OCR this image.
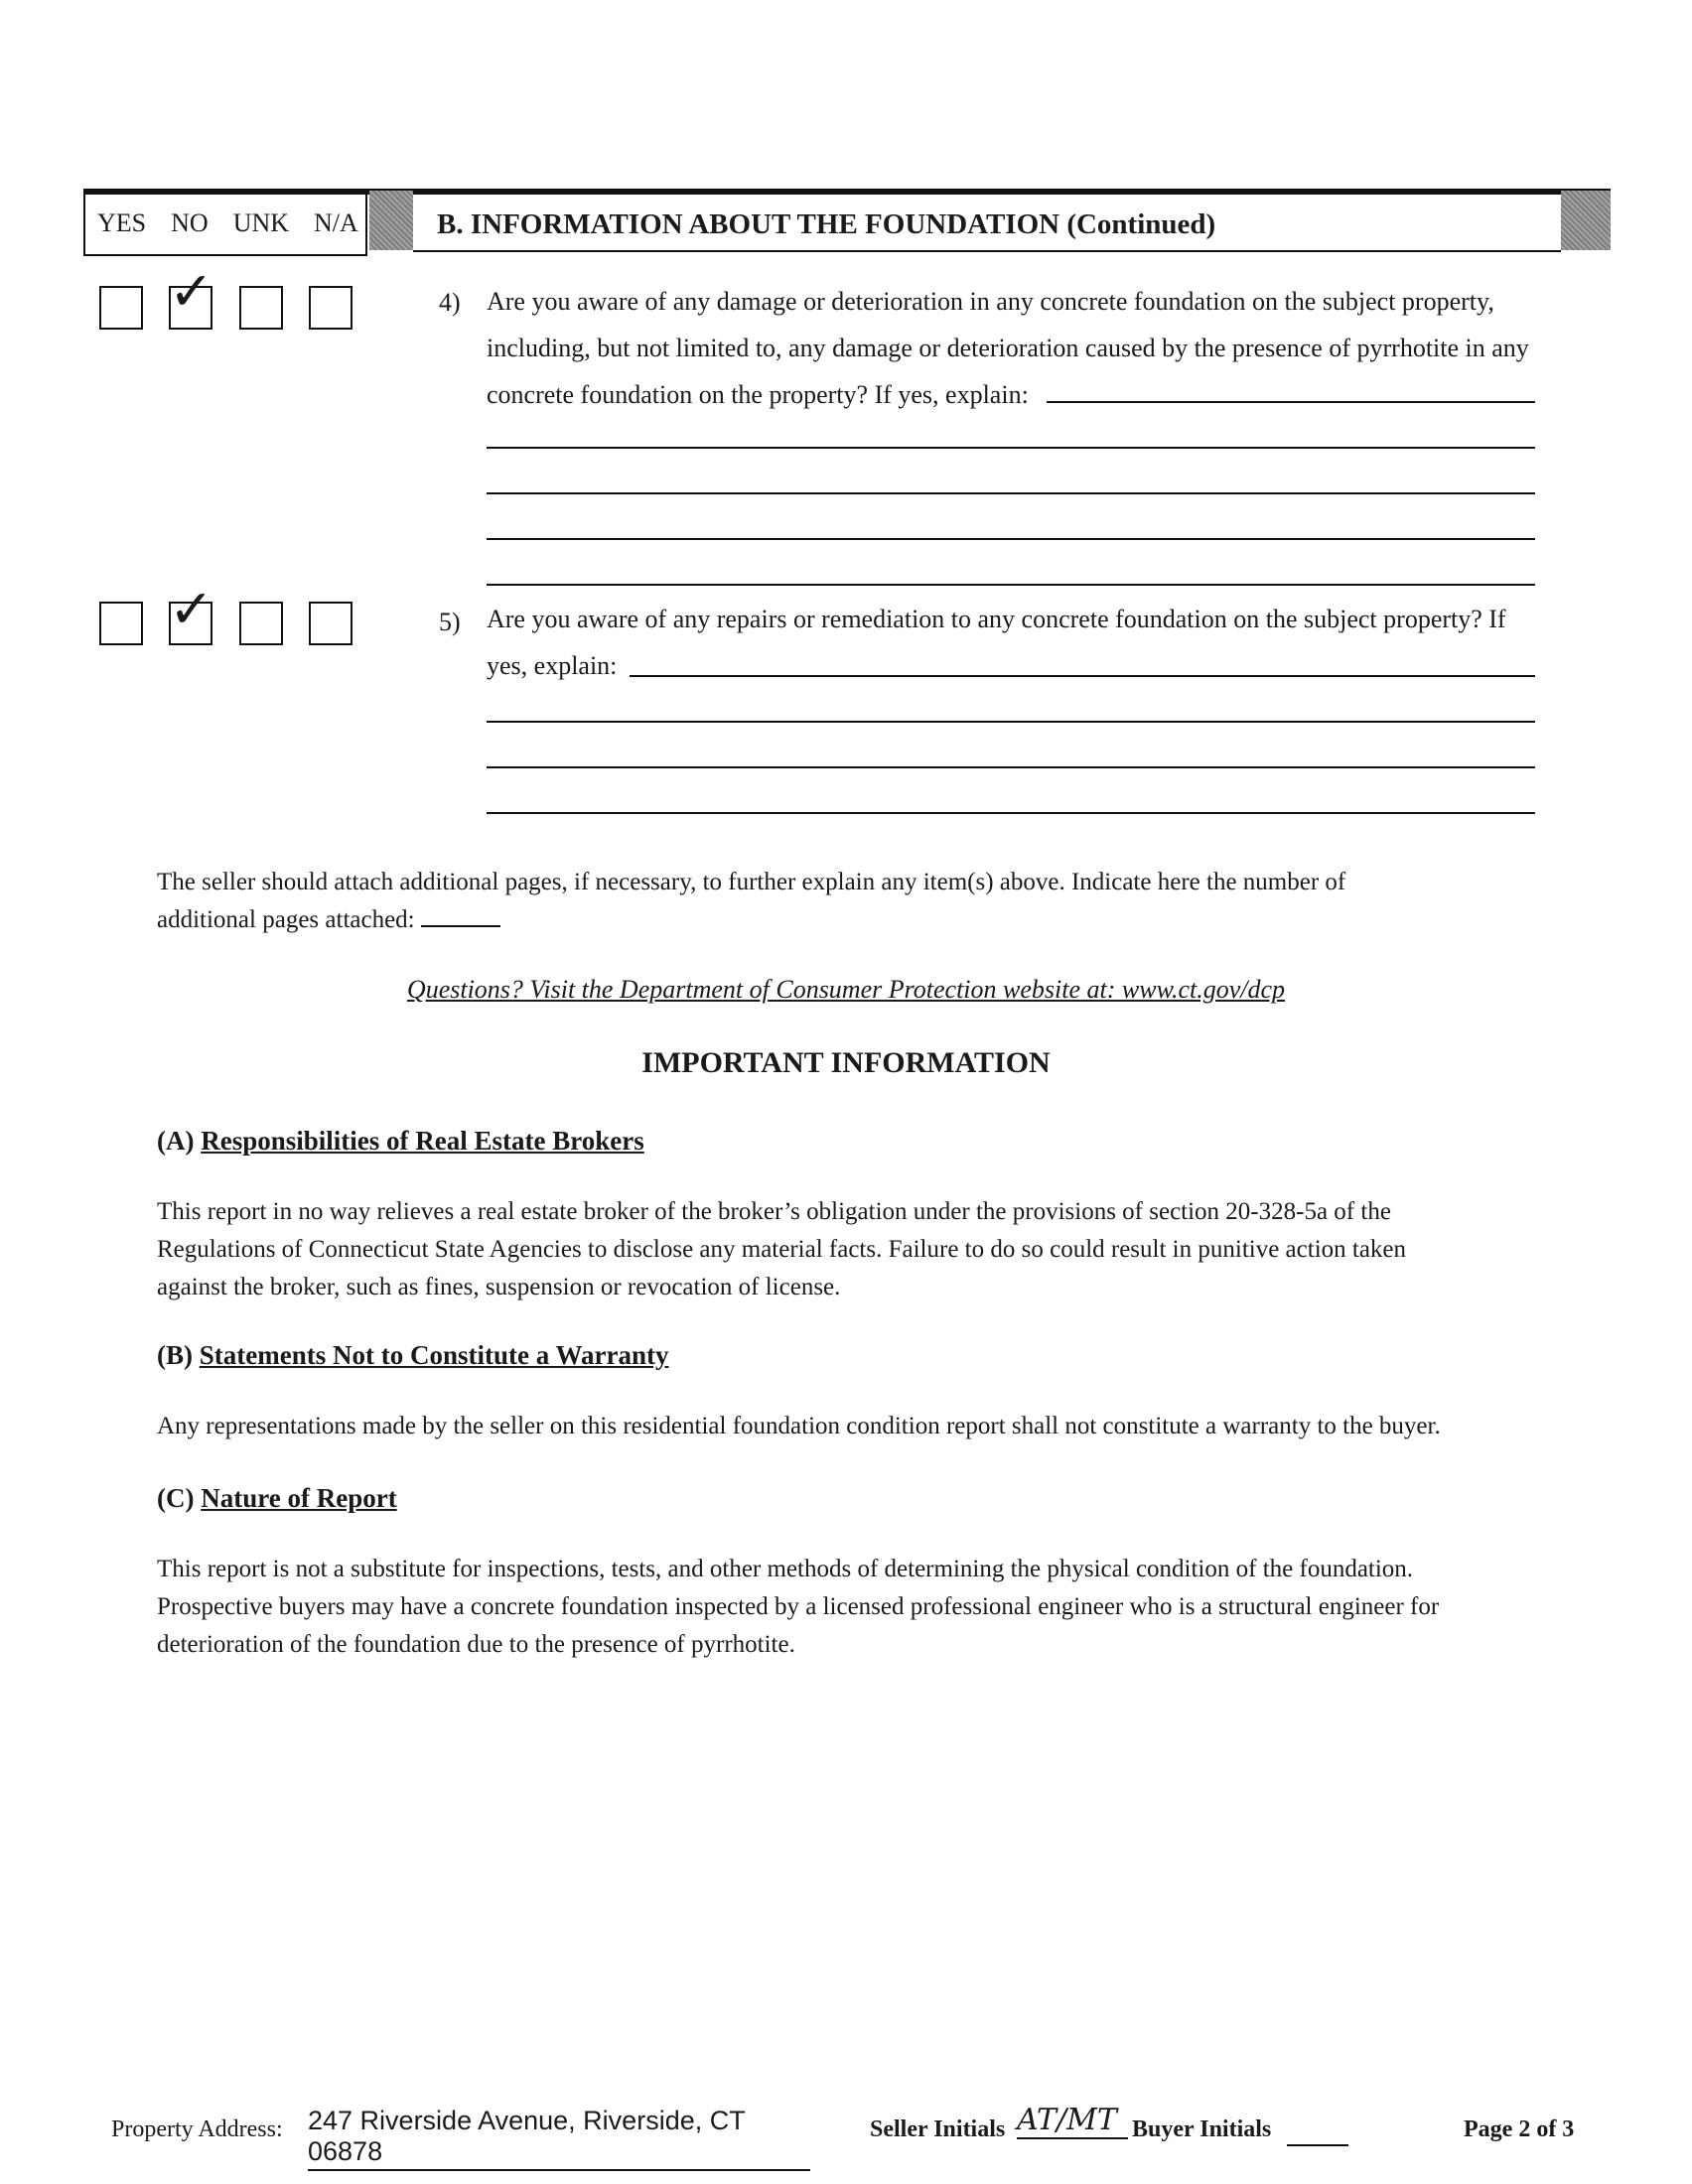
YES NO UNK N/A	B. INFORMATION ABOUT THE FOUNDATION (Continued)
✓	4) Are you aware of any damage or deterioration in any concrete foundation on the subject property,
including, but not limited to, any damage or deterioration caused by the presence of pyrrhotite in any
concrete foundation on the property? If yes, explain:
✓	5) Are you aware of any repairs or remediation to any concrete foundation on the subject property? If
yes, explain:
The seller should attach additional pages, if necessary, to further explain any item(s) above. Indicate here the number of
additional pages attached:
Questions? Visit the Department of Consumer Protection website at: www.ct.gov/dcp
IMPORTANT INFORMATION
(A) Responsibilities of Real Estate Brokers
This report in no way relieves a real estate broker of the broker’s obligation under the provisions of section 20-328-5a of the
Regulations of Connecticut State Agencies to disclose any material facts. Failure to do so could result in punitive action taken
against the broker, such as fines, suspension or revocation of license.
(B) Statements Not to Constitute a Warranty
Any representations made by the seller on this residential foundation condition report shall not constitute a warranty to the buyer.
(C) Nature of Report
This report is not a substitute for inspections, tests, and other methods of determining the physical condition of the foundation.
Prospective buyers may have a concrete foundation inspected by a licensed professional engineer who is a structural engineer for
deterioration of the foundation due to the presence of pyrrhotite.
Property Address: 247 Riverside Avenue, Riverside, CT 06878
Seller Initials AT/MT Buyer Initials	Page 2 of 3
